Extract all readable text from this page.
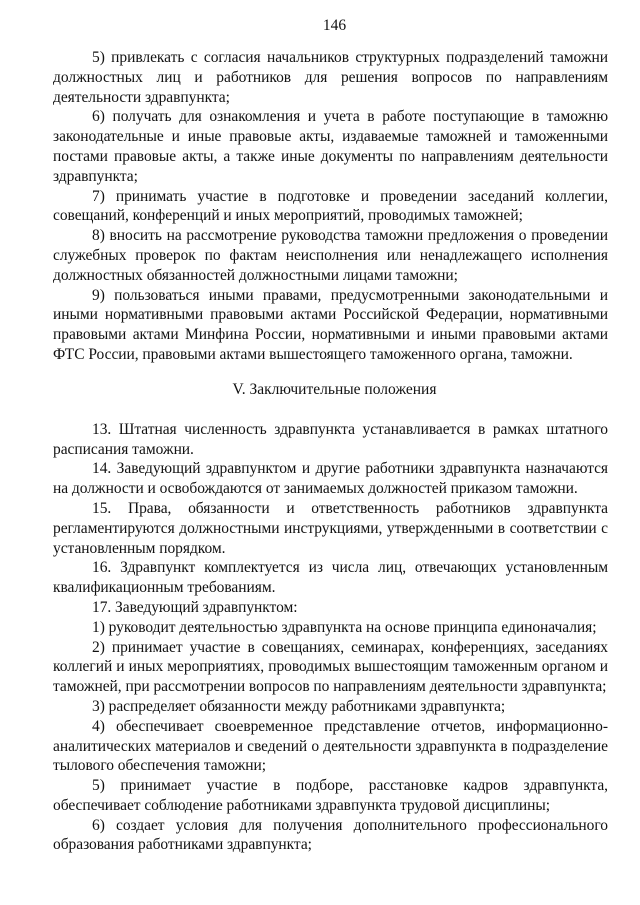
146

5) привлекать с согласия начальников структурных подразделений таможни должностных лиц и работников для решения вопросов по направлениям деятельности здравпункта;

6) получать для ознакомления и учета в работе поступающие в таможню законодательные и иные правовые акты, издаваемые таможней и таможенными постами правовые акты, а также иные документы по направлениям деятельности здравпункта;

7) принимать участие в подготовке и проведении заседаний коллегии, совещаний, конференций и иных мероприятий, проводимых таможней;

8) вносить на рассмотрение руководства таможни предложения о проведении служебных проверок по фактам неисполнения или ненадлежащего исполнения должностных обязанностей должностными лицами таможни;

9) пользоваться иными правами, предусмотренными законодательными и иными нормативными правовыми актами Российской Федерации, нормативными правовыми актами Минфина России, нормативными и иными правовыми актами ФТС России, правовыми актами вышестоящего таможенного органа, таможни.

V. Заключительные положения

13. Штатная численность здравпункта устанавливается в рамках штатного расписания таможни.

14. Заведующий здравпунктом и другие работники здравпункта назначаются на должности и освобождаются от занимаемых должностей приказом таможни.

15. Права, обязанности и ответственность работников здравпункта регламентируются должностными инструкциями, утвержденными в соответствии с установленным порядком.

16. Здравпункт комплектуется из числа лиц, отвечающих установленным квалификационным требованиям.

17. Заведующий здравпунктом:

1) руководит деятельностью здравпункта на основе принципа единоначалия;

2) принимает участие в совещаниях, семинарах, конференциях, заседаниях коллегий и иных мероприятиях, проводимых вышестоящим таможенным органом и таможней, при рассмотрении вопросов по направлениям деятельности здравпункта;

3) распределяет обязанности между работниками здравпункта;

4) обеспечивает своевременное представление отчетов, информационно-аналитических материалов и сведений о деятельности здравпункта в подразделение тылового обеспечения таможни;

5) принимает участие в подборе, расстановке кадров здравпункта, обеспечивает соблюдение работниками здравпункта трудовой дисциплины;

6) создает условия для получения дополнительного профессионального образования работниками здравпункта;
